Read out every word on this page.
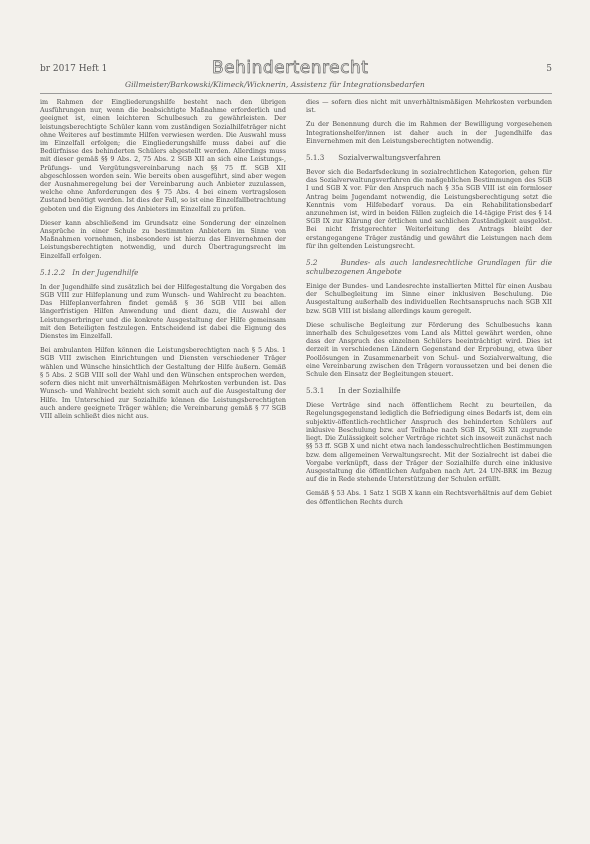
br 2017 Heft 1	Behindertenrecht	5
Gillmeister/Barkowski/Klimeck/Wicknerin, Assistenz für Integrationsbedarfen

im Rahmen der Eingliederungshilfe besteht nach den übrigen Ausführungen nur, wenn die beabsichtigte Maßnahme erforderlich und geeignet ist, einen leichteren Schulbesuch zu gewährleisten. Der leistungsberechtigte Schüler kann vom zuständigen Sozialhilfeträger nicht ohne Weiteres auf bestimmte Hilfen verwiesen werden. Die Auswahl muss im Einzelfall erfolgen; die Eingliederungshilfe muss dabei auf die Bedürfnisse des behinderten Schülers abgestellt werden. Allerdings muss mit dieser gemäß §§ 9 Abs. 2, 75 Abs. 2 SGB XII an sich eine Leistungs-, Prüfungs- und Vergütungsvereinbarung nach §§ 75 ff. SGB XII abgeschlossen worden sein. Wie bereits oben ausgeführt, sind aber wegen der Ausnahmeregelung bei der Vereinbarung auch Anbieter zuzulassen, welche ohne Anforderungen des § 75 Abs. 4 bei einem vertragslosen Zustand benötigt werden. Ist dies der Fall, so ist eine Einzelfallbetrachtung geboten und die Eignung des Anbieters im Einzelfall zu prüfen.

Dieser kann abschließend im Grundsatz eine Sonderung der einzelnen Ansprüche in einer Schule zu bestimmten Anbietern im Sinne von Maßnahmen vornehmen, insbesondere ist hierzu das Einvernehmen der Leistungsberechtigten notwendig, und durch Übertragungsrecht im Einzelfall erfolgen.

5.1.2.2 In der Jugendhilfe

In der Jugendhilfe sind zusätzlich bei der Hilfegestaltung die Vorgaben des SGB VIII zur Hilfeplanung und zum Wunsch- und Wahlrecht zu beachten. Das Hilfeplanverfahren findet gemäß § 36 SGB VIII bei allen längerfristigen Hilfen Anwendung und dient dazu, die Auswahl der Leistungserbringer und die konkrete Ausgestaltung der Hilfe gemeinsam mit den Beteiligten festzulegen. Entscheidend ist dabei die Eignung des Dienstes im Einzelfall.

Bei ambulanten Hilfen können die Leistungsberechtigten nach § 5 Abs. 1 SGB VIII zwischen Einrichtungen und Diensten verschiedener Träger wählen und Wünsche hinsichtlich der Gestaltung der Hilfe äußern. Gemäß § 5 Abs. 2 SGB VIII soll der Wahl und den Wünschen entsprochen werden, sofern dies nicht mit unverhältnismäßigen Mehrkosten verbunden ist. Das Wunsch- und Wahlrecht bezieht sich somit auch auf die Ausgestaltung der Hilfe. Im Unterschied zur Sozialhilfe können die Leistungsberechtigten auch andere geeignete Träger wählen; die Vereinbarung gemäß § 77 SGB VIII allein schließt dies nicht aus.

dies — sofern dies nicht mit unverhältnismäßigen Mehrkosten verbunden ist.

Zu der Benennung durch die im Rahmen der Bewilligung vorgesehenen Integrationshelfer/innen ist daher auch in der Jugendhilfe das Einvernehmen mit den Leistungsberechtigten notwendig.

5.1.3 Sozialverwaltungsverfahren

Bevor sich die Bedarfsdeckung in sozialrechtlichen Kategorien, gehen für das Sozialverwaltungsverfahren die maßgeblichen Bestimmungen des SGB I und SGB X vor. Für den Anspruch nach § 35a SGB VIII ist ein formloser Antrag beim Jugendamt notwendig, die Leistungsberechtigung setzt die Kenntnis vom Hilfebedarf voraus. Da ein Rehabilitationsbedarf anzunehmen ist, wird in beiden Fällen zugleich die 14-tägige Frist des § 14 SGB IX zur Klärung der örtlichen und sachlichen Zuständigkeit ausgelöst. Bei nicht fristgerechter Weiterleitung des Antrags bleibt der erstangegangene Träger zuständig und gewährt die Leistungen nach dem für ihn geltenden Leistungsrecht.

5.2	Bundes- als auch landesrechtliche Grundlagen für die schulbezogenen Angebote

Einige der Bundes- und Landesrechte installierten Mittel für einen Ausbau der Schulbegleitung im Sinne einer inklusiven Beschulung. Die Ausgestaltung außerhalb des individuellen Rechtsanspruchs nach SGB XII bzw. SGB VIII ist bislang allerdings kaum geregelt.

Diese schulische Begleitung zur Förderung des Schulbesuchs kann innerhalb des Schulgesetzes vom Land als Mittel gewährt werden, ohne dass der Anspruch des einzelnen Schülers beeinträchtigt wird. Dies ist derzeit in verschiedenen Ländern Gegenstand der Erprobung, etwa über Poollösungen in Zusammenarbeit von Schul- und Sozialverwaltung, die eine Vereinbarung zwischen den Trägern voraussetzen und bei denen die Schule den Einsatz der Begleitungen steuert.

5.3.1 In der Sozialhilfe

Diese Verträge sind nach öffentlichem Recht zu beurteilen, da Regelungsgegenstand lediglich die Befriedigung eines Bedarfs ist, dem ein subjektiv-öffentlich-rechtlicher Anspruch des behinderten Schülers auf inklusive Beschulung bzw. auf Teilhabe nach SGB IX, SGB XII zugrunde liegt. Die Zulässigkeit solcher Verträge richtet sich insoweit zunächst nach §§ 53 ff. SGB X und nicht etwa nach landesschulrechtlichen Bestimmungen bzw. dem allgemeinen Verwaltungsrecht. Mit der Sozialrecht ist dabei die Vorgabe verknüpft, dass der Träger der Sozialhilfe durch eine inklusive Ausgestaltung die öffentlichen Aufgaben nach Art. 24 UN-BRK im Bezug auf die in Rede stehende Unterstützung der Schulen erfüllt.

Gemäß § 53 Abs. 1 Satz 1 SGB X kann ein Rechtsverhältnis auf dem Gebiet des öffentlichen Rechts durch
